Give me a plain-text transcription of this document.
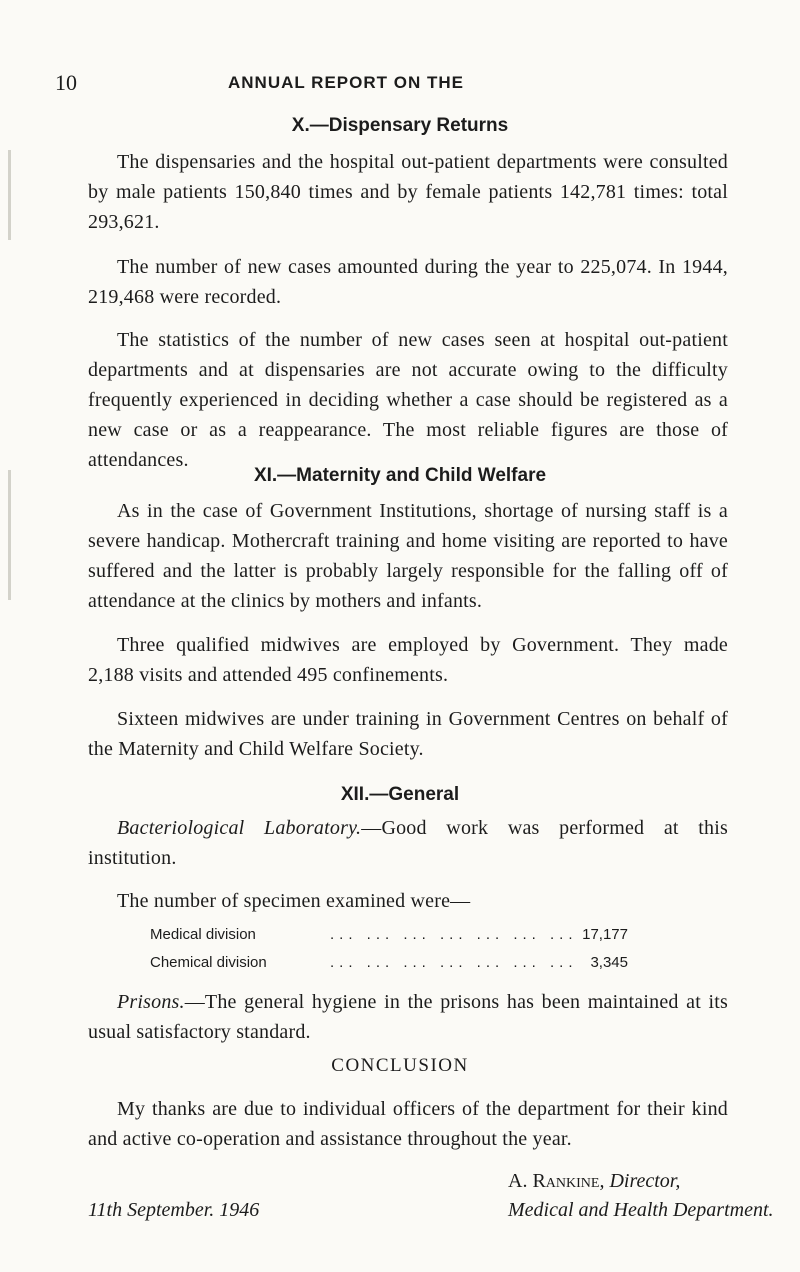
10	ANNUAL REPORT ON THE
X.—Dispensary Returns
The dispensaries and the hospital out-patient departments were consulted by male patients 150,840 times and by female patients 142,781 times: total 293,621.
The number of new cases amounted during the year to 225,074. In 1944, 219,468 were recorded.
The statistics of the number of new cases seen at hospital out-patient departments and at dispensaries are not accurate owing to the difficulty frequently experienced in deciding whether a case should be registered as a new case or as a reappearance. The most reliable figures are those of attendances.
XI.—Maternity and Child Welfare
As in the case of Government Institutions, shortage of nursing staff is a severe handicap. Mothercraft training and home visiting are reported to have suffered and the latter is probably largely responsible for the falling off of attendance at the clinics by mothers and infants.
Three qualified midwives are employed by Government. They made 2,188 visits and attended 495 confinements.
Sixteen midwives are under training in Government Centres on behalf of the Maternity and Child Welfare Society.
XII.—General
Bacteriological Laboratory.—Good work was performed at this institution.
The number of specimen examined were—
Medical division	... ... ... ... ... ... ... 17,177
Chemical division	... ... ... ... ... ... ... 3,345
Prisons.—The general hygiene in the prisons has been maintained at its usual satisfactory standard.
CONCLUSION
My thanks are due to individual officers of the department for their kind and active co-operation and assistance throughout the year.
A. Rankine, Director,
11th September. 1946	Medical and Health Department.
